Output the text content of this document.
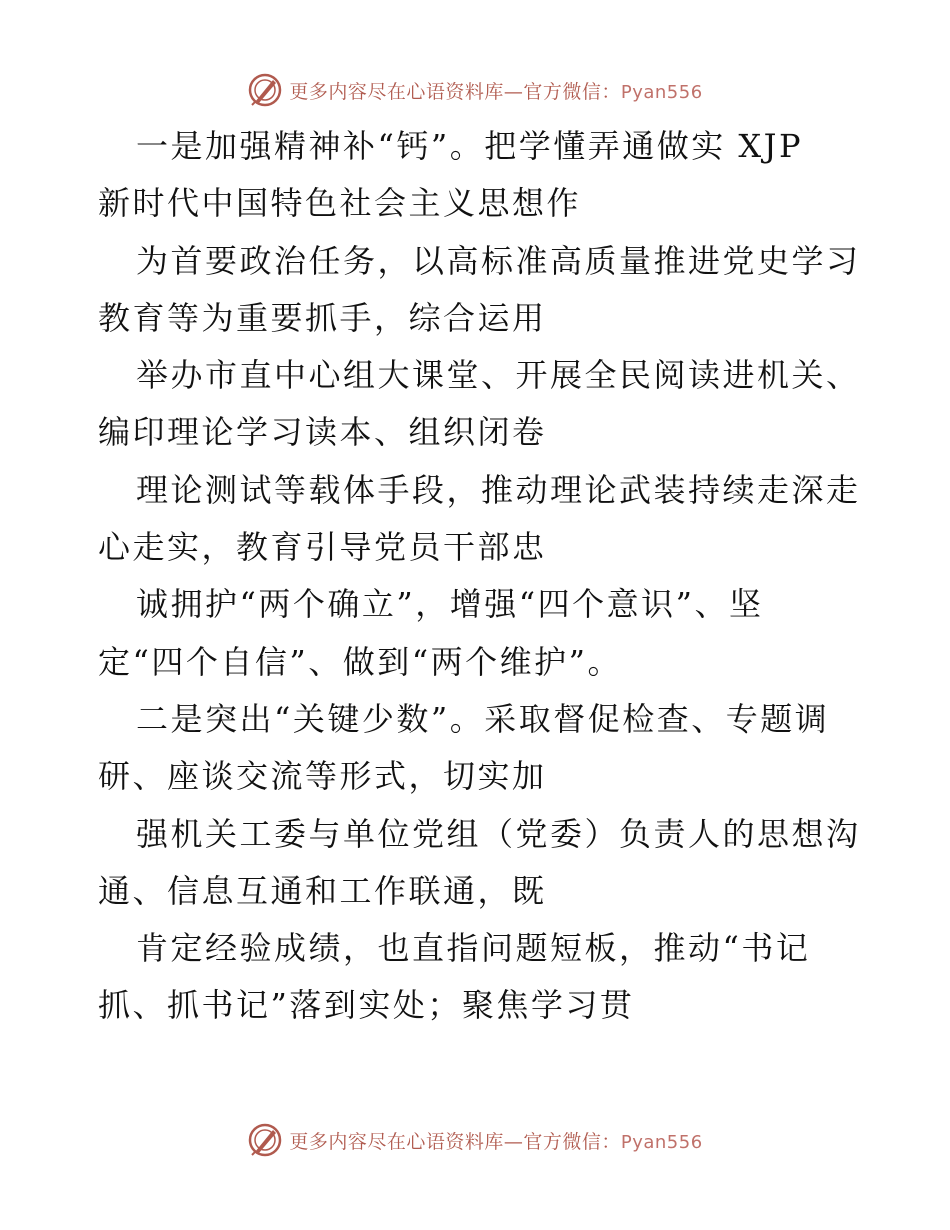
更多内容尽在心语资料库—官方微信：Pyan556
一是加强精神补“钙”。把学懂弄通做实 XJP
新时代中国特色社会主义思想作
为首要政治任务，以高标准高质量推进党史学习
教育等为重要抓手，综合运用
举办市直中心组大课堂、开展全民阅读进机关、
编印理论学习读本、组织闭卷
理论测试等载体手段，推动理论武装持续走深走
心走实，教育引导党员干部忠
诚拥护“两个确立”，增强“四个意识”、坚
定“四个自信”、做到“两个维护”。
二是突出“关键少数”。采取督促检查、专题调
研、座谈交流等形式，切实加
强机关工委与单位党组（党委）负责人的思想沟
通、信息互通和工作联通，既
肯定经验成绩，也直指问题短板，推动“书记
抓、抓书记”落到实处；聚焦学习贯
更多内容尽在心语资料库—官方微信：Pyan556
